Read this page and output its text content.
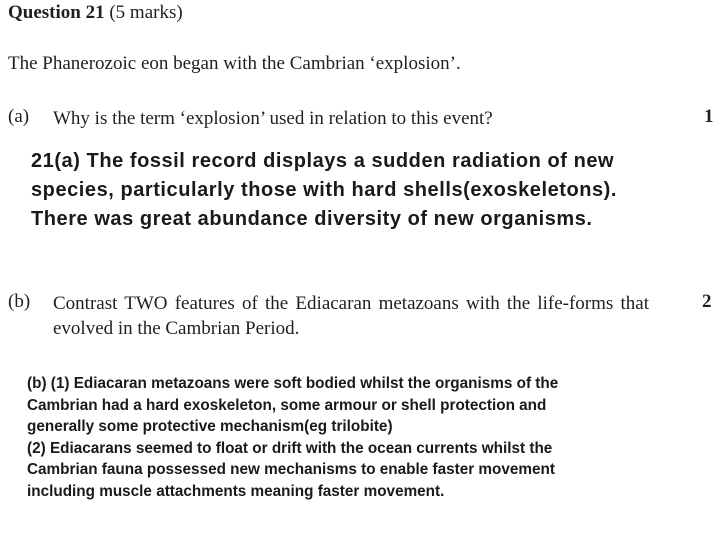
Question 21 (5 marks)
The Phanerozoic eon began with the Cambrian ‘explosion’.
(a) Why is the term ‘explosion’ used in relation to this event?	1
21(a) The fossil record displays a sudden radiation of new species, particularly those with hard shells(exoskeletons). There was great abundance diversity of new organisms.
(b) Contrast TWO features of the Ediacaran metazoans with the life-forms that evolved in the Cambrian Period.
2
(b) (1) Ediacaran metazoans were soft bodied whilst the organisms of the
Cambrian had a hard exoskeleton, some armour or shell protection and
generally some protective mechanism(eg trilobite)
(2) Ediacarans seemed to float or drift with the ocean currents whilst the
Cambrian fauna possessed new mechanisms to enable faster movement
including muscle attachments meaning faster movement.
